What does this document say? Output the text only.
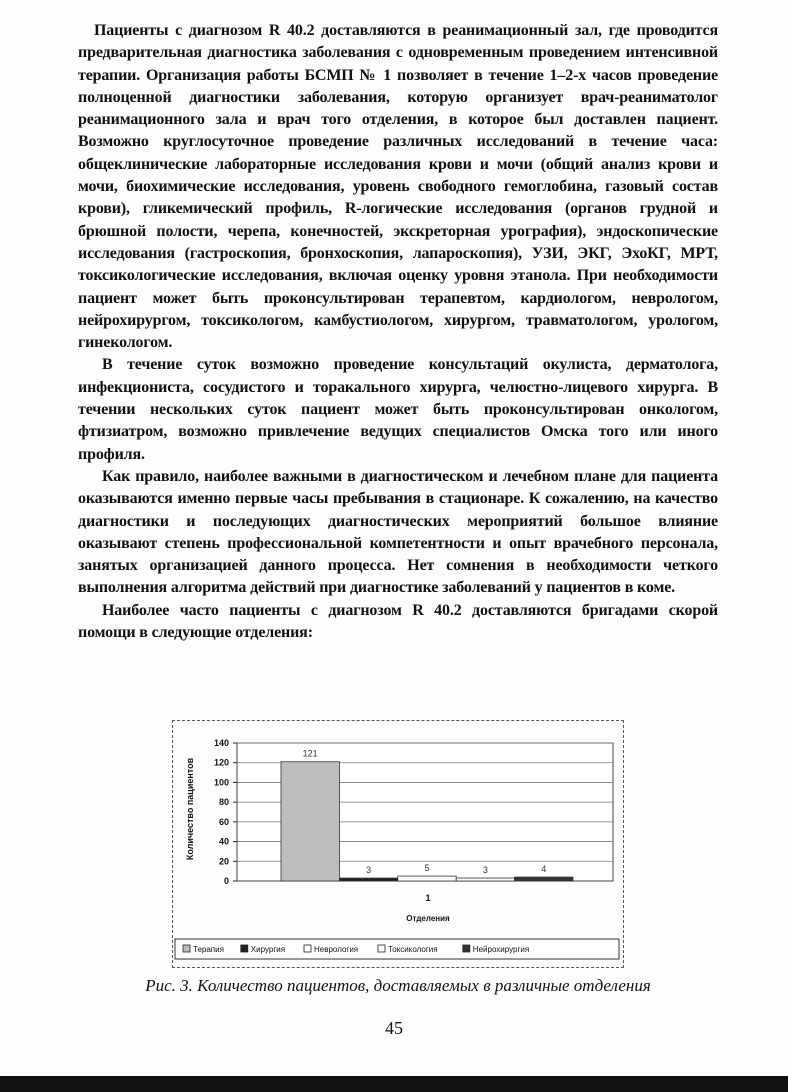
Пациенты с диагнозом R 40.2 доставляются в реанимационный зал, где проводится предварительная диагностика заболевания с одновременным проведением интенсивной терапии. Организация работы БСМП № 1 позволяет в течение 1–2-х часов проведение полноценной диагностики заболевания, которую организует врач-реаниматолог реанимационного зала и врач того отделения, в которое был доставлен пациент. Возможно круглосуточное проведение различных исследований в течение часа: общеклинические лабораторные исследования крови и мочи (общий анализ крови и мочи, биохимические исследования, уровень свободного гемоглобина, газовый состав крови), гликемический профиль, R-логические исследования (органов грудной и брюшной полости, черепа, конечностей, экскреторная урография), эндоскопические исследования (гастроскопия, бронхоскопия, лапароскопия), УЗИ, ЭКГ, ЭхоКГ, МРТ, токсикологические исследования, включая оценку уровня этанола. При необходимости пациент может быть проконсультирован терапевтом, кардиологом, неврологом, нейрохирургом, токсикологом, камбустиологом, хирургом, травматологом, урологом, гинекологом.

В течение суток возможно проведение консультаций окулиста, дерматолога, инфекциониста, сосудистого и торакального хирурга, челюстно-лицевого хирурга. В течении нескольких суток пациент может быть проконсультирован онкологом, фтизиатром, возможно привлечение ведущих специалистов Омска того или иного профиля.

Как правило, наиболее важными в диагностическом и лечебном плане для пациента оказываются именно первые часы пребывания в стационаре. К сожалению, на качество диагностики и последующих диагностических мероприятий большое влияние оказывают степень профессиональной компетентности и опыт врачебного персонала, занятых организацией данного процесса. Нет сомнения в необходимости четкого выполнения алгоритма действий при диагностике заболеваний у пациентов в коме.

Наиболее часто пациенты с диагнозом R 40.2 доставляются бригадами скорой помощи в следующие отделения:

Количество пациентов
0
20
40
60
80
100
120
140
121
3	5	3	4
1
Отделения
Терапия	Хирургия	Неврология	Токсикология	Нейрохирургия
Рис. 3. Количество пациентов, доставляемых в различные отделения
45
